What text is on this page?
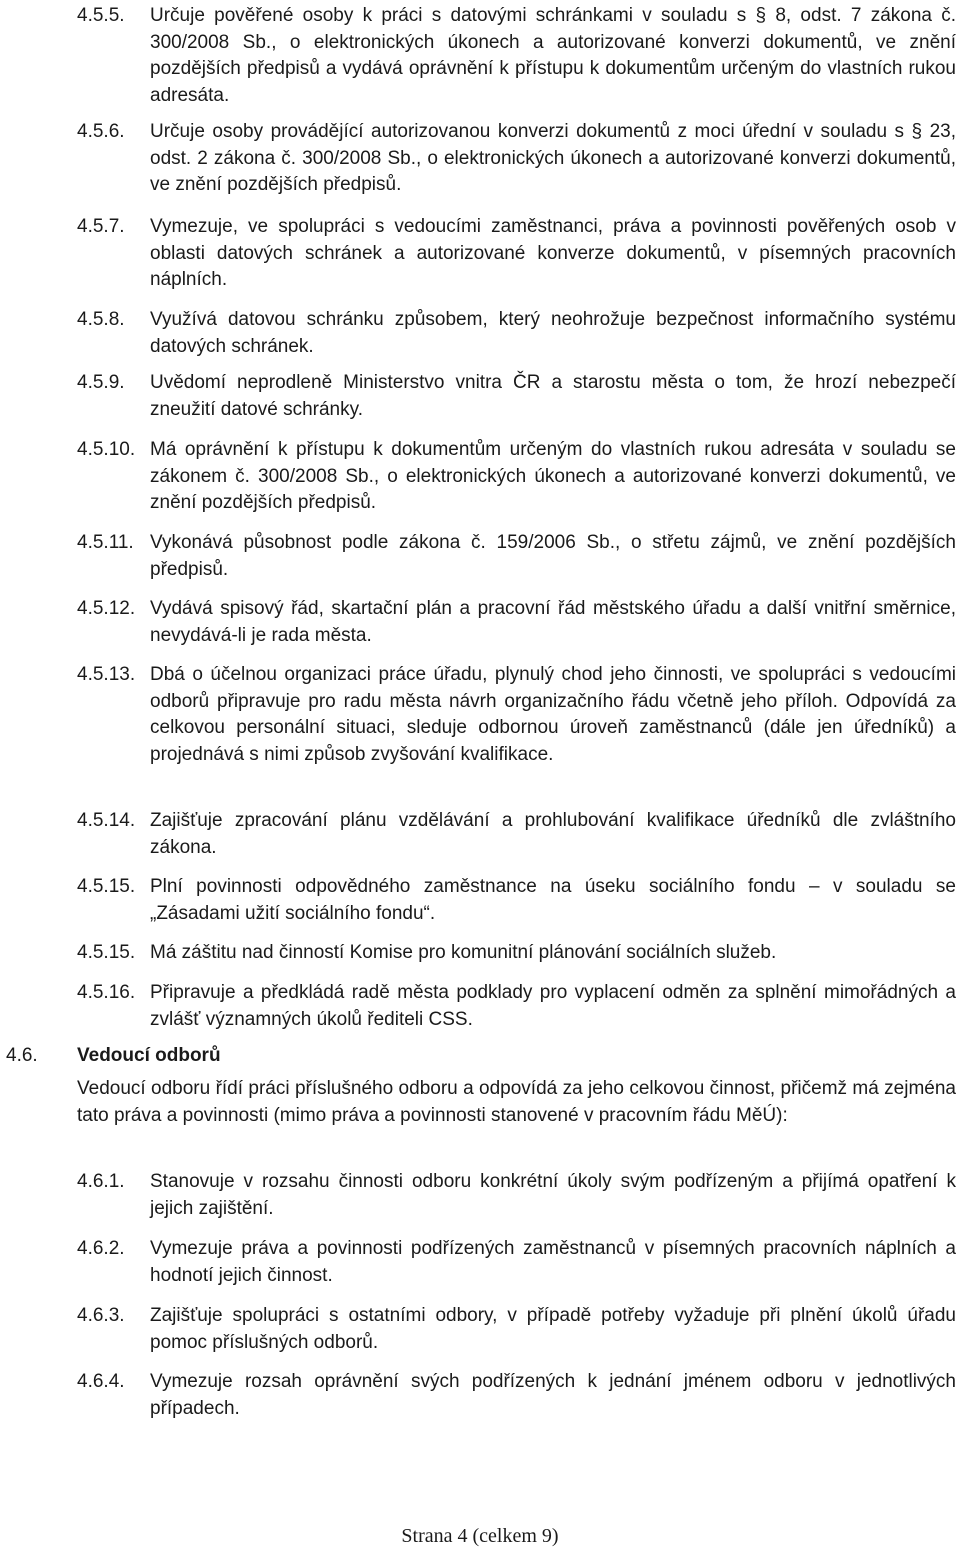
4.5.5. Určuje pověřené osoby k práci s datovými schránkami v souladu s § 8, odst. 7 zákona č. 300/2008 Sb., o elektronických úkonech a autorizované konverzi dokumentů, ve znění pozdějších předpisů a vydává oprávnění k přístupu k dokumentům určeným do vlastních rukou adresáta.
4.5.6. Určuje osoby provádějící autorizovanou konverzi dokumentů z moci úřední v souladu s § 23, odst. 2 zákona č. 300/2008 Sb., o elektronických úkonech a autorizované konverzi dokumentů, ve znění pozdějších předpisů.
4.5.7. Vymezuje, ve spolupráci s vedoucími zaměstnanci, práva a povinnosti pověřených osob v oblasti datových schránek a autorizované konverze dokumentů, v písemných pracovních náplních.
4.5.8. Využívá datovou schránku způsobem, který neohrožuje bezpečnost informačního systému datových schránek.
4.5.9. Uvědomí neprodleně Ministerstvo vnitra ČR a starostu města o tom, že hrozí nebezpečí zneužití datové schránky.
4.5.10. Má oprávnění k přístupu k dokumentům určeným do vlastních rukou adresáta v souladu se zákonem č. 300/2008 Sb., o elektronických úkonech a autorizované konverzi dokumentů, ve znění pozdějších předpisů.
4.5.11. Vykonává působnost podle zákona č. 159/2006 Sb., o střetu zájmů, ve znění pozdějších předpisů.
4.5.12. Vydává spisový řád, skartační plán a pracovní řád městského úřadu a další vnitřní směrnice, nevydává-li je rada města.
4.5.13. Dbá o účelnou organizaci práce úřadu, plynulý chod jeho činnosti, ve spolupráci s vedoucími odborů připravuje pro radu města návrh organizačního řádu včetně jeho příloh. Odpovídá za celkovou personální situaci, sleduje odbornou úroveň zaměstnanců (dále jen úředníků) a projednává s nimi způsob zvyšování kvalifikace.
4.5.14. Zajišťuje zpracování plánu vzdělávání a prohlubování kvalifikace úředníků dle zvláštního zákona.
4.5.15. Plní povinnosti odpovědného zaměstnance na úseku sociálního fondu – v souladu se „Zásadami užití sociálního fondu“.
4.5.15. Má záštitu nad činností Komise pro komunitní plánování sociálních služeb.
4.5.16. Připravuje a předkládá radě města podklady pro vyplacení odměn za splnění mimořádných a zvlášť významných úkolů řediteli CSS.
4.6. Vedoucí odborů
Vedoucí odboru řídí práci příslušného odboru a odpovídá za jeho celkovou činnost, přičemž má zejména tato práva a povinnosti (mimo práva a povinnosti stanovené v pracovním řádu MěÚ):
4.6.1. Stanovuje v rozsahu činnosti odboru konkrétní úkoly svým podřízeným a přijímá opatření k jejich zajištění.
4.6.2. Vymezuje práva a povinnosti podřízených zaměstnanců v písemných pracovních náplních a hodnotí jejich činnost.
4.6.3. Zajišťuje spolupráci s ostatními odbory, v případě potřeby vyžaduje při plnění úkolů úřadu pomoc příslušných odborů.
4.6.4. Vymezuje rozsah oprávnění svých podřízených k jednání jménem odboru v jednotlivých případech.
Strana 4 (celkem 9)
